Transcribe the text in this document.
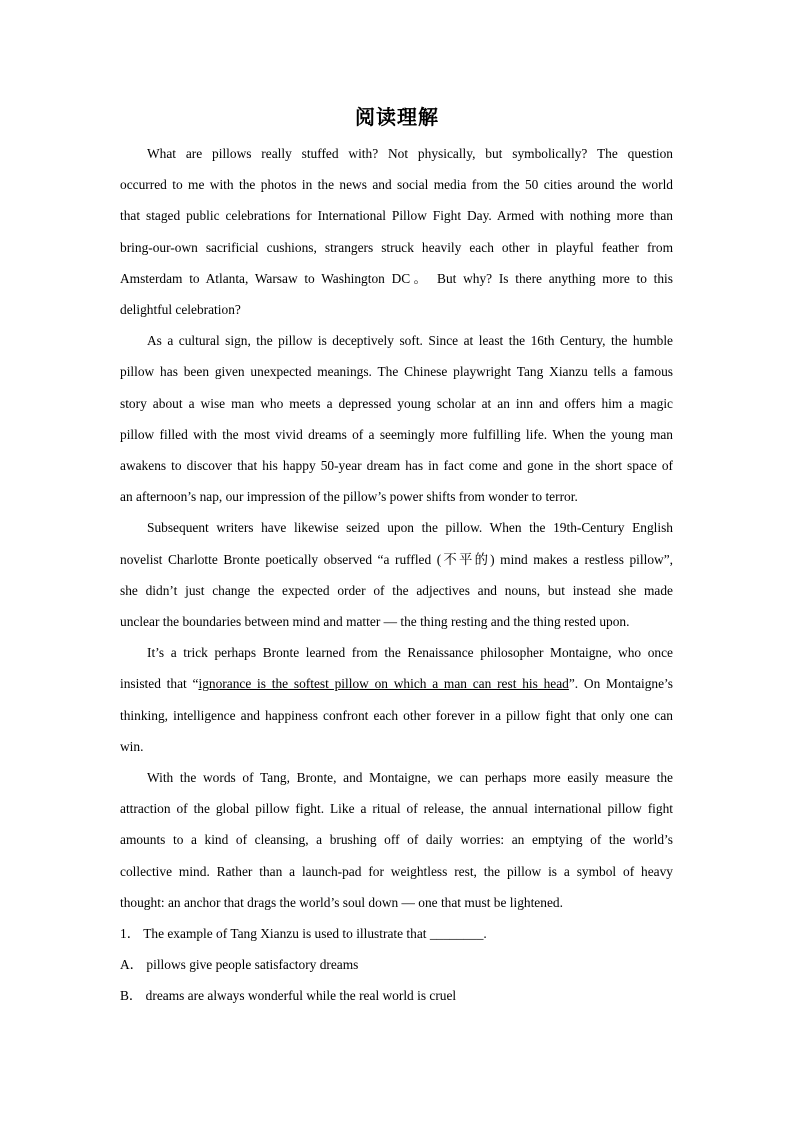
阅读理解
What are pillows really stuffed with? Not physically, but symbolically? The question
occurred to me with the photos in the news and social media from the 50 cities around the world
that staged public celebrations for International Pillow Fight Day. Armed with nothing more than
bring-our-own sacrificial cushions, strangers struck heavily each other in playful feather from
Amsterdam to Atlanta, Warsaw to Washington DC。 But why? Is there anything more to this
delightful celebration?
As a cultural sign, the pillow is deceptively soft. Since at least the 16th Century, the humble
pillow has been given unexpected meanings. The Chinese playwright Tang Xianzu tells a famous
story about a wise man who meets a depressed young scholar at an inn and offers him a magic
pillow filled with the most vivid dreams of a seemingly more fulfilling life. When the young man
awakens to discover that his happy 50-year dream has in fact come and gone in the short space of
an afternoon’s nap, our impression of the pillow’s power shifts from wonder to terror.
Subsequent writers have likewise seized upon the pillow. When the 19th-Century English
novelist Charlotte Bronte poetically observed “a ruffled (不平的) mind makes a restless pillow”,
she didn’t just change the expected order of the adjectives and nouns, but instead she made
unclear the boundaries between mind and matter — the thing resting and the thing rested upon.
It’s a trick perhaps Bronte learned from the Renaissance philosopher Montaigne, who once
insisted that “ignorance is the softest pillow on which a man can rest his head”. On Montaigne’s
thinking, intelligence and happiness confront each other forever in a pillow fight that only one can
win.
With the words of Tang, Bronte, and Montaigne, we can perhaps more easily measure the
attraction of the global pillow fight. Like a ritual of release, the annual international pillow fight
amounts to a kind of cleansing, a brushing off of daily worries: an emptying of the world’s
collective mind. Rather than a launch-pad for weightless rest, the pillow is a symbol of heavy
thought: an anchor that drags the world’s soul down — one that must be lightened.
1． The example of Tang Xianzu is used to illustrate that ________.
A． pillows give people satisfactory dreams
B． dreams are always wonderful while the real world is cruel
